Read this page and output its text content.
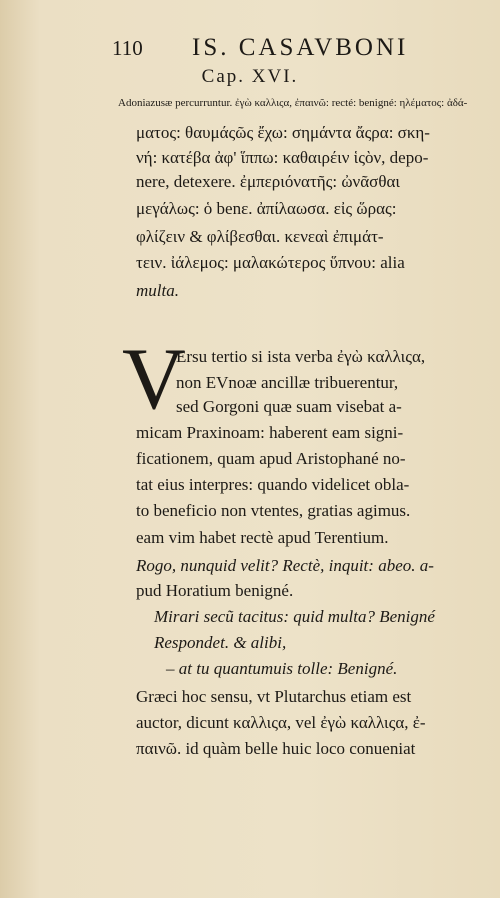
110 IS. CASAVBONI
Cap. XVI.
V
Adoniazusæ percurruntur. ἐγὼ καλλιςα, ἐπαινῶ: recté: benigné: ηλέματος: ἀδά-
ματος: θαυμάςῶς ἔχω: σημάντα ἄςρα: σκη-
νή: κατέβα ἀφ' ἵππω: καθαιρέιν ἱςὸν, depo-
nere, detexere. ἐμπεριόνατῆς: ὠνᾶσθαι
μεγάλως: ὁ benε. ἀπίλαωσα. εἰς ὥρας:
φλίζειν & φλίβεσθαι. κενεαὶ ἐπιμάτ-
τειν. ἰάλεμος: μαλακώτερος ὕπνου: alia
multa.
Ersu tertio si ista verba ἐγὼ καλλιςα,
non EVnoæ ancillæ tribuerentur,
sed Gorgoni quæ suam visebat a-
micam Praxinoam: haberent eam signi-
ficationem, quam apud Aristophané no-
tat eius interpres: quando videlicet obla-
to beneficio non vtentes, gratias agimus.
eam vim habet rectè apud Terentium.
Rogo, nunquid velit? Rectè, inquit: abeo. a-
pud Horatium benigné.
Mirari secũ tacitus: quid multa? Benigné
Respondet. & alibi,
– at tu quantumuis tolle: Benigné.
Græci hoc sensu, vt Plutarchus etiam est
auctor, dicunt καλλιςα, vel ἐγὼ καλλιςα, ἐ-
παινῶ. id quàm belle huic loco conueniat
